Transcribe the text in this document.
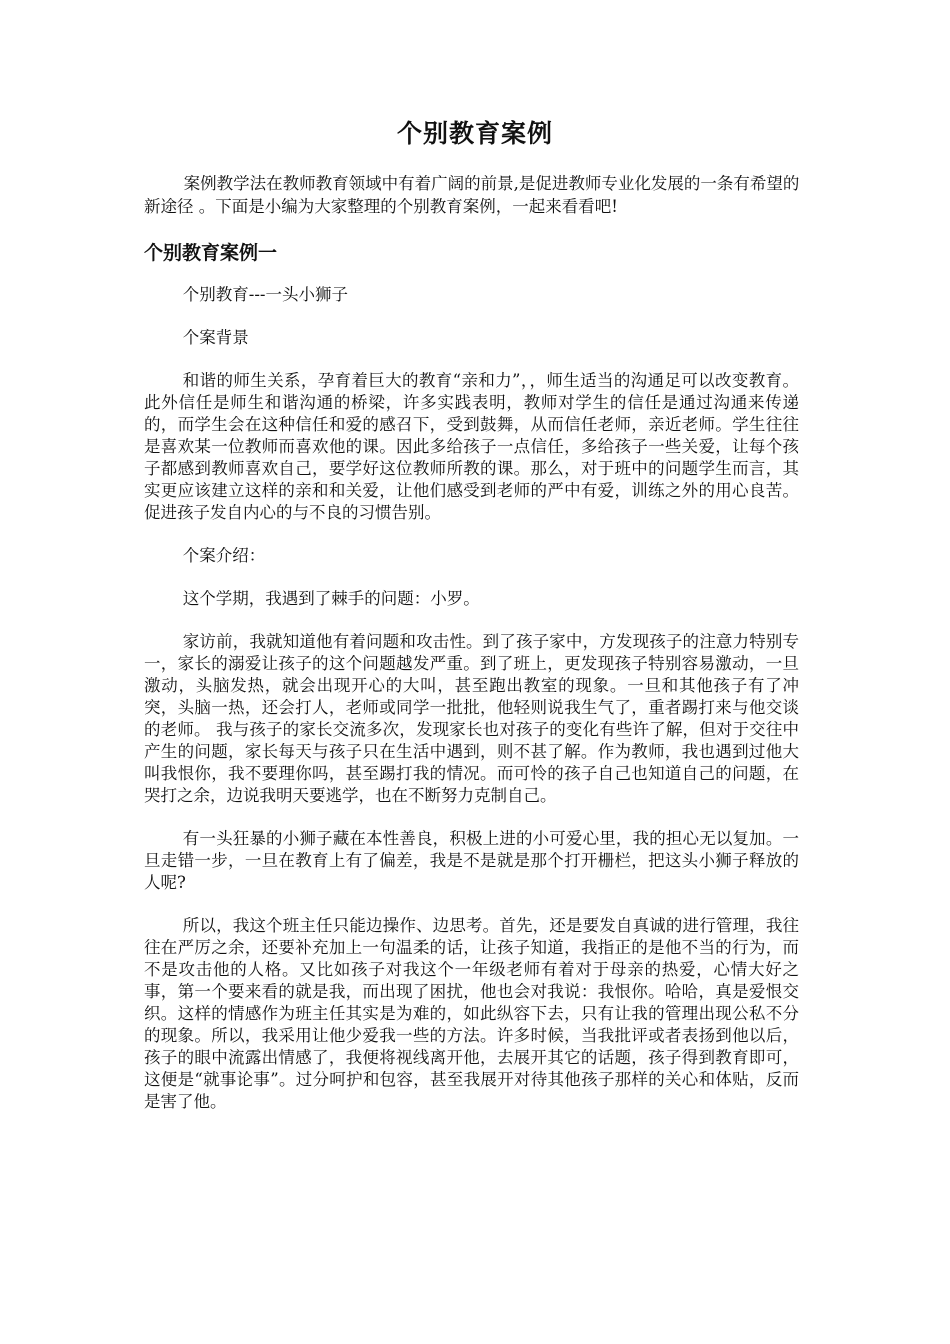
个别教育案例

案例教学法在教师教育领域中有着广阔的前景,是促进教师专业化发展的一条有希望的新途径 。下面是小编为大家整理的个别教育案例，一起来看看吧!

个别教育案例一

个别教育---一头小狮子

个案背景

和谐的师生关系，孕育着巨大的教育“亲和力”，，师生适当的沟通足可以改变教育。此外信任是师生和谐沟通的桥梁，许多实践表明，教师对学生的信任是通过沟通来传递的，而学生会在这种信任和爱的感召下，受到鼓舞，从而信任老师，亲近老师。学生往往是喜欢某一位教师而喜欢他的课。因此多给孩子一点信任，多给孩子一些关爱，让每个孩子都感到教师喜欢自己，要学好这位教师所教的课。那么，对于班中的问题学生而言，其实更应该建立这样的亲和和关爱，让他们感受到老师的严中有爱，训练之外的用心良苦。促进孩子发自内心的与不良的习惯告别。

个案介绍：

这个学期，我遇到了棘手的问题：小罗。

家访前，我就知道他有着问题和攻击性。到了孩子家中，方发现孩子的注意力特别专一，家长的溺爱让孩子的这个问题越发严重。到了班上，更发现孩子特别容易激动，一旦激动，头脑发热，就会出现开心的大叫，甚至跑出教室的现象。一旦和其他孩子有了冲突，头脑一热，还会打人，老师或同学一批批，他轻则说我生气了，重者踢打来与他交谈的老师。 我与孩子的家长交流多次，发现家长也对孩子的变化有些许了解，但对于交往中产生的问题，家长每天与孩子只在生活中遇到，则不甚了解。作为教师，我也遇到过他大叫我恨你，我不要理你吗，甚至踢打我的情况。而可怜的孩子自己也知道自己的问题，在哭打之余，边说我明天要逃学，也在不断努力克制自己。

有一头狂暴的小狮子藏在本性善良，积极上进的小可爱心里，我的担心无以复加。一旦走错一步，一旦在教育上有了偏差，我是不是就是那个打开栅栏，把这头小狮子释放的人呢?

所以，我这个班主任只能边操作、边思考。首先，还是要发自真诚的进行管理，我往往在严厉之余，还要补充加上一句温柔的话，让孩子知道，我指正的是他不当的行为，而不是攻击他的人格。又比如孩子对我这个一年级老师有着对于母亲的热爱，心情大好之事，第一个要来看的就是我，而出现了困扰，他也会对我说：我恨你。哈哈，真是爱恨交织。这样的情感作为班主任其实是为难的，如此纵容下去，只有让我的管理出现公私不分的现象。所以，我采用让他少爱我一些的方法。许多时候，当我批评或者表扬到他以后，孩子的眼中流露出情感了，我便将视线离开他，去展开其它的话题，孩子得到教育即可，这便是“就事论事”。过分呵护和包容，甚至我展开对待其他孩子那样的关心和体贴，反而是害了他。
